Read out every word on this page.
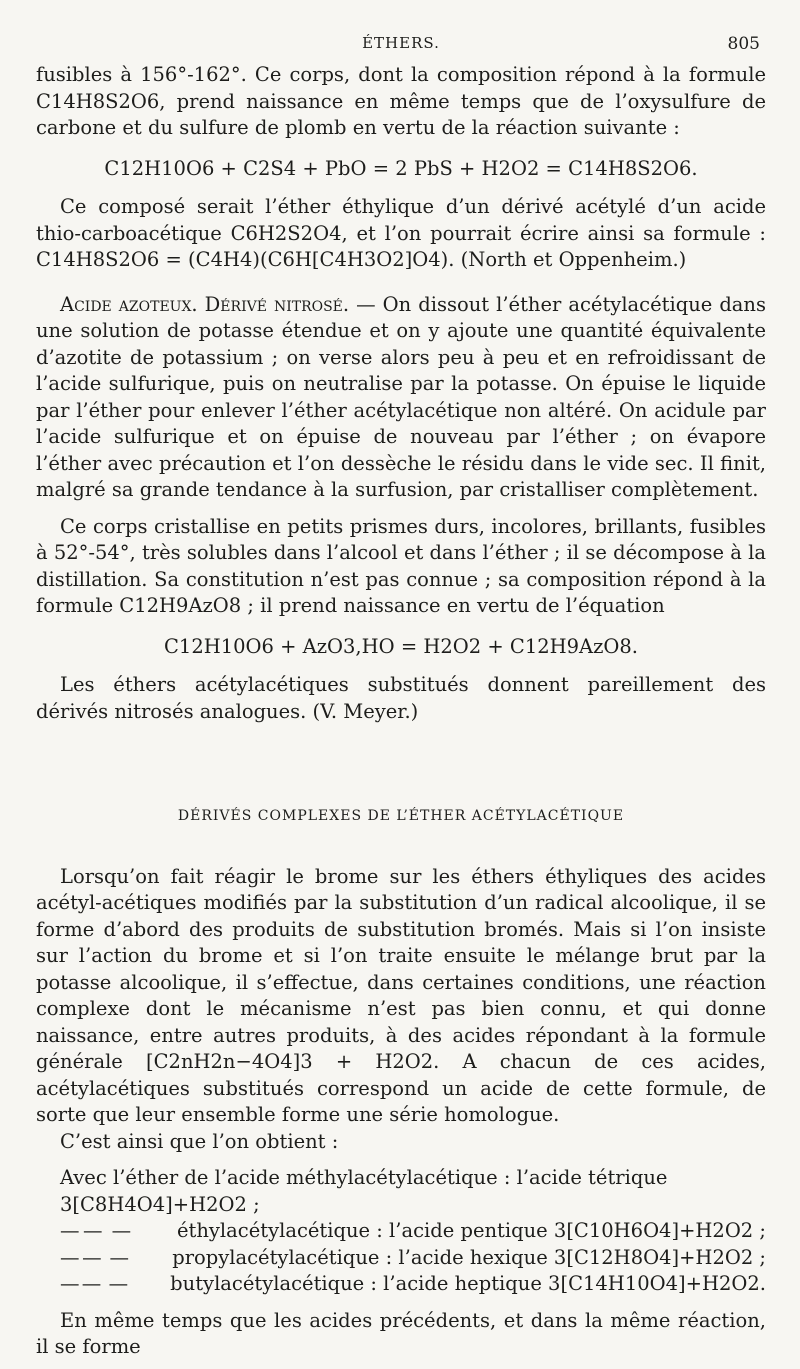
ÉTHERS.	805

fusibles à 156°-162°. Ce corps, dont la composition répond à la formule C14H8S2O6, prend naissance en même temps que de l’oxysulfure de carbone et du sulfure de plomb en vertu de la réaction suivante :

C12H10O6 + C2S4 + PbO = 2 PbS + H2O2 = C14H8S2O6.

Ce composé serait l’éther éthylique d’un dérivé acétylé d’un acide thio-carboacétique C6H2S2O4, et l’on pourrait écrire ainsi sa formule : C14H8S2O6 = (C4H4)(C6H[C4H3O2]O4). (North et Oppenheim.)

Acide azoteux. Dérivé nitrosé. — On dissout l’éther acétylacétique dans une solution de potasse étendue et on y ajoute une quantité équivalente d’azotite de potassium ; on verse alors peu à peu et en refroidissant de l’acide sulfurique, puis on neutralise par la potasse. On épuise le liquide par l’éther pour enlever l’éther acétylacétique non altéré. On acidule par l’acide sulfurique et on épuise de nouveau par l’éther ; on évapore l’éther avec précaution et l’on dessèche le résidu dans le vide sec. Il finit, malgré sa grande tendance à la surfusion, par cristalliser complètement.

Ce corps cristallise en petits prismes durs, incolores, brillants, fusibles à 52°-54°, très solubles dans l’alcool et dans l’éther ; il se décompose à la distillation. Sa constitution n’est pas connue ; sa composition répond à la formule C12H9AzO8 ; il prend naissance en vertu de l’équation

C12H10O6 + AzO3,HO = H2O2 + C12H9AzO8.

Les éthers acétylacétiques substitués donnent pareillement des dérivés nitrosés analogues. (V. Meyer.)

DÉRIVÉS COMPLEXES DE L’ÉTHER ACÉTYLACÉTIQUE

Lorsqu’on fait réagir le brome sur les éthers éthyliques des acides acétyl-acétiques modifiés par la substitution d’un radical alcoolique, il se forme d’abord des produits de substitution bromés. Mais si l’on insiste sur l’action du brome et si l’on traite ensuite le mélange brut par la potasse alcoolique, il s’effectue, dans certaines conditions, une réaction complexe dont le mécanisme n’est pas bien connu, et qui donne naissance, entre autres produits, à des acides répondant à la formule générale [C2nH2n−4O4]3 + H2O2. A chacun de ces acides, acétylacétiques substitués correspond un acide de cette formule, de sorte que leur ensemble forme une série homologue.

C’est ainsi que l’on obtient :

Avec l’éther de l’acide méthylacétylacétique : l’acide tétrique 3[C8H4O4]+H2O2 ;
— — —	éthylacétylacétique : l’acide pentique 3[C10H6O4]+H2O2 ;
— — —	propylacétylacétique : l’acide hexique 3[C12H8O4]+H2O2 ;
— — —	butylacétylacétique : l’acide heptique 3[C14H10O4]+H2O2.

En même temps que les acides précédents, et dans la même réaction, il se forme
